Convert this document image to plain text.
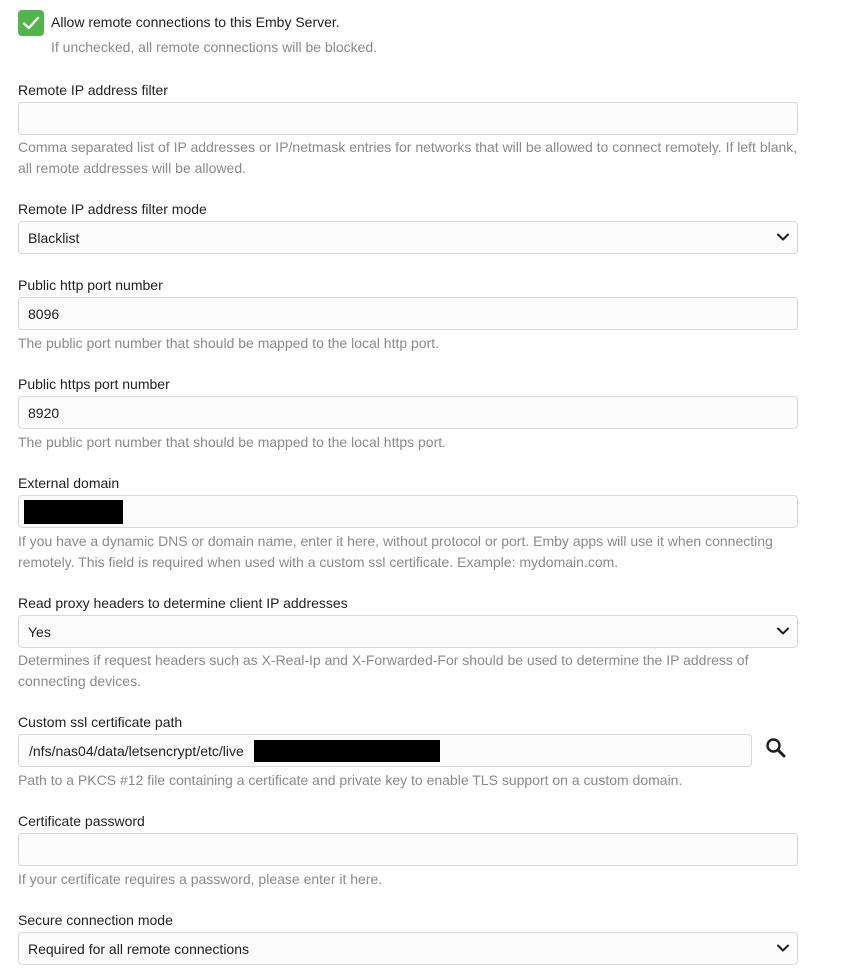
Allow remote connections to this Emby Server.
If unchecked, all remote connections will be blocked.
Remote IP address filter
Comma separated list of IP addresses or IP/netmask entries for networks that will be allowed to connect remotely. If left blank, all remote addresses will be allowed.
Remote IP address filter mode
Blacklist
Public http port number
8096
The public port number that should be mapped to the local http port.
Public https port number
8920
The public port number that should be mapped to the local https port.
External domain
If you have a dynamic DNS or domain name, enter it here, without protocol or port. Emby apps will use it when connecting remotely. This field is required when used with a custom ssl certificate. Example: mydomain.com.
Read proxy headers to determine client IP addresses
Yes
Determines if request headers such as X-Real-Ip and X-Forwarded-For should be used to determine the IP address of connecting devices.
Custom ssl certificate path
/nfs/nas04/data/letsencrypt/etc/live
Path to a PKCS #12 file containing a certificate and private key to enable TLS support on a custom domain.
Certificate password
If your certificate requires a password, please enter it here.
Secure connection mode
Required for all remote connections
